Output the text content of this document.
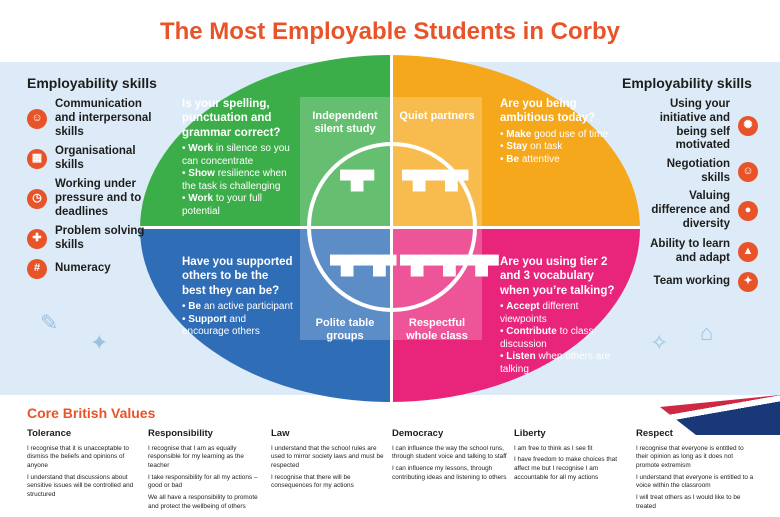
The Most Employable Students in Corby
✎
✦	⌂
✧
Independent silent study
Quiet partners
Polite table groups
Respectful whole class
▀█▀ ▀█▀▀█▀
▀█▀▀█▀ ▀█▀▀█▀▀█▀
Is your spelling, punctuation and grammar correct?
• Work in silence so you can concentrate
• Show resilience when the task is challenging
• Work to your full potential
Are you being ambitious today?
• Make good use of time
• Stay on task
• Be attentive
Have you supported others to be the best they can be?
• Be an active participant
• Support and encourage others
Are you using tier 2 and 3 vocabulary when you’re talking?
• Accept different viewpoints
• Contribute to class discussion
• Listen when others are talking
Employability skills
☺
Communication and interpersonal skills
▦
Organisational skills
◷
Working under pressure and to deadlines
✚
Problem solving skills
#	Numeracy
Employability skills
Using your initiative and being self motivated
✺
Negotiation skills
☺
Valuing difference and diversity
●
Ability to learn and adapt
▲
Team working	✦
Core British Values
Tolerance
I recognise that it is unacceptable to dismiss the beliefs and opinions of anyone
I understand that discussions about sensitive issues will be controlled and structured
Responsibility
I recognise that I am as equally responsible for my learning as the teacher
I take responsibility for all my actions – good or bad
We all have a responsibility to promote and protect the wellbeing of others
Law
I understand that the school rules are used to mirror society laws and must be respected
I recognise that there will be consequences for my actions
Democracy
I can influence the way the school runs, through student voice and talking to staff
I can influence my lessons, through contributing ideas and listening to others
Liberty
I am free to think as I see fit
I have freedom to make choices that affect me but I recognise I am accountable for all my actions
Respect
I recognise that everyone is entitled to their opinion as long as it does not promote extremism
I understand that everyone is entitled to a voice within the classroom
I will treat others as I would like to be treated
